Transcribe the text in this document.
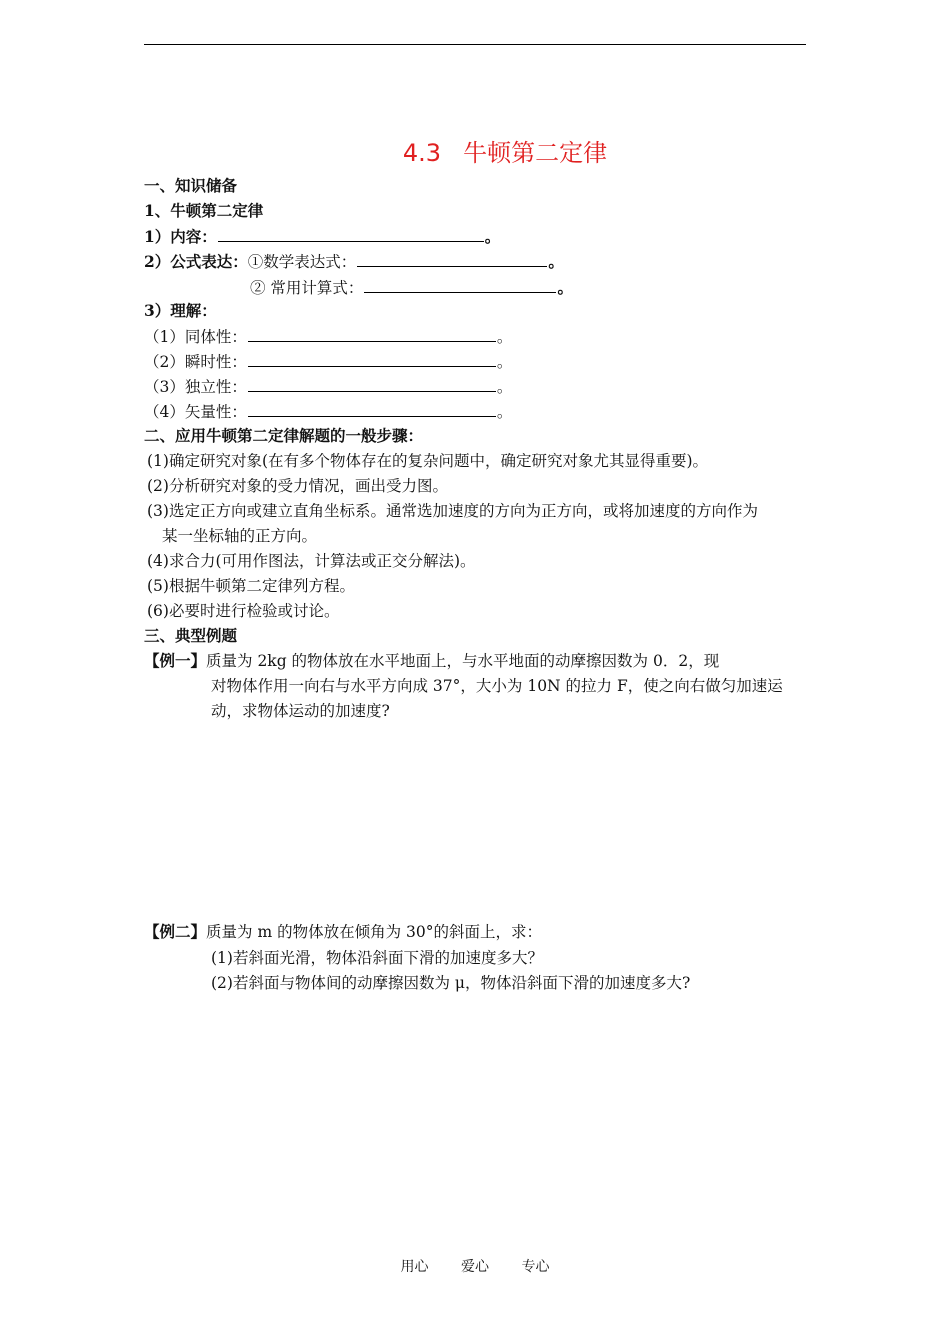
4.3 牛顿第二定律
一、知识储备
1、牛顿第二定律
1）内容：	。
2）公式表达：①数学表达式：	。
② 常用计算式：	。
3）理解：
（1）同体性：	。
（2）瞬时性：	。
（3）独立性：	。
（4）矢量性：	。
二、应用牛顿第二定律解题的一般步骤：
(1)确定研究对象(在有多个物体存在的复杂问题中，确定研究对象尤其显得重要)。
(2)分析研究对象的受力情况，画出受力图。
(3)选定正方向或建立直角坐标系。通常选加速度的方向为正方向，或将加速度的方向作为
某一坐标轴的正方向。
(4)求合力(可用作图法，计算法或正交分解法)。
(5)根据牛顿第二定律列方程。
(6)必要时进行检验或讨论。
三、典型例题
【例一】质量为 2kg 的物体放在水平地面上，与水平地面的动摩擦因数为 0．2，现
对物体作用一向右与水平方向成 37°，大小为 10N 的拉力 F，使之向右做匀加速运
动，求物体运动的加速度?
【例二】质量为 m 的物体放在倾角为 30°的斜面上，求：
(1)若斜面光滑，物体沿斜面下滑的加速度多大？
(2)若斜面与物体间的动摩擦因数为 μ，物体沿斜面下滑的加速度多大?
用心 爱心 专心
